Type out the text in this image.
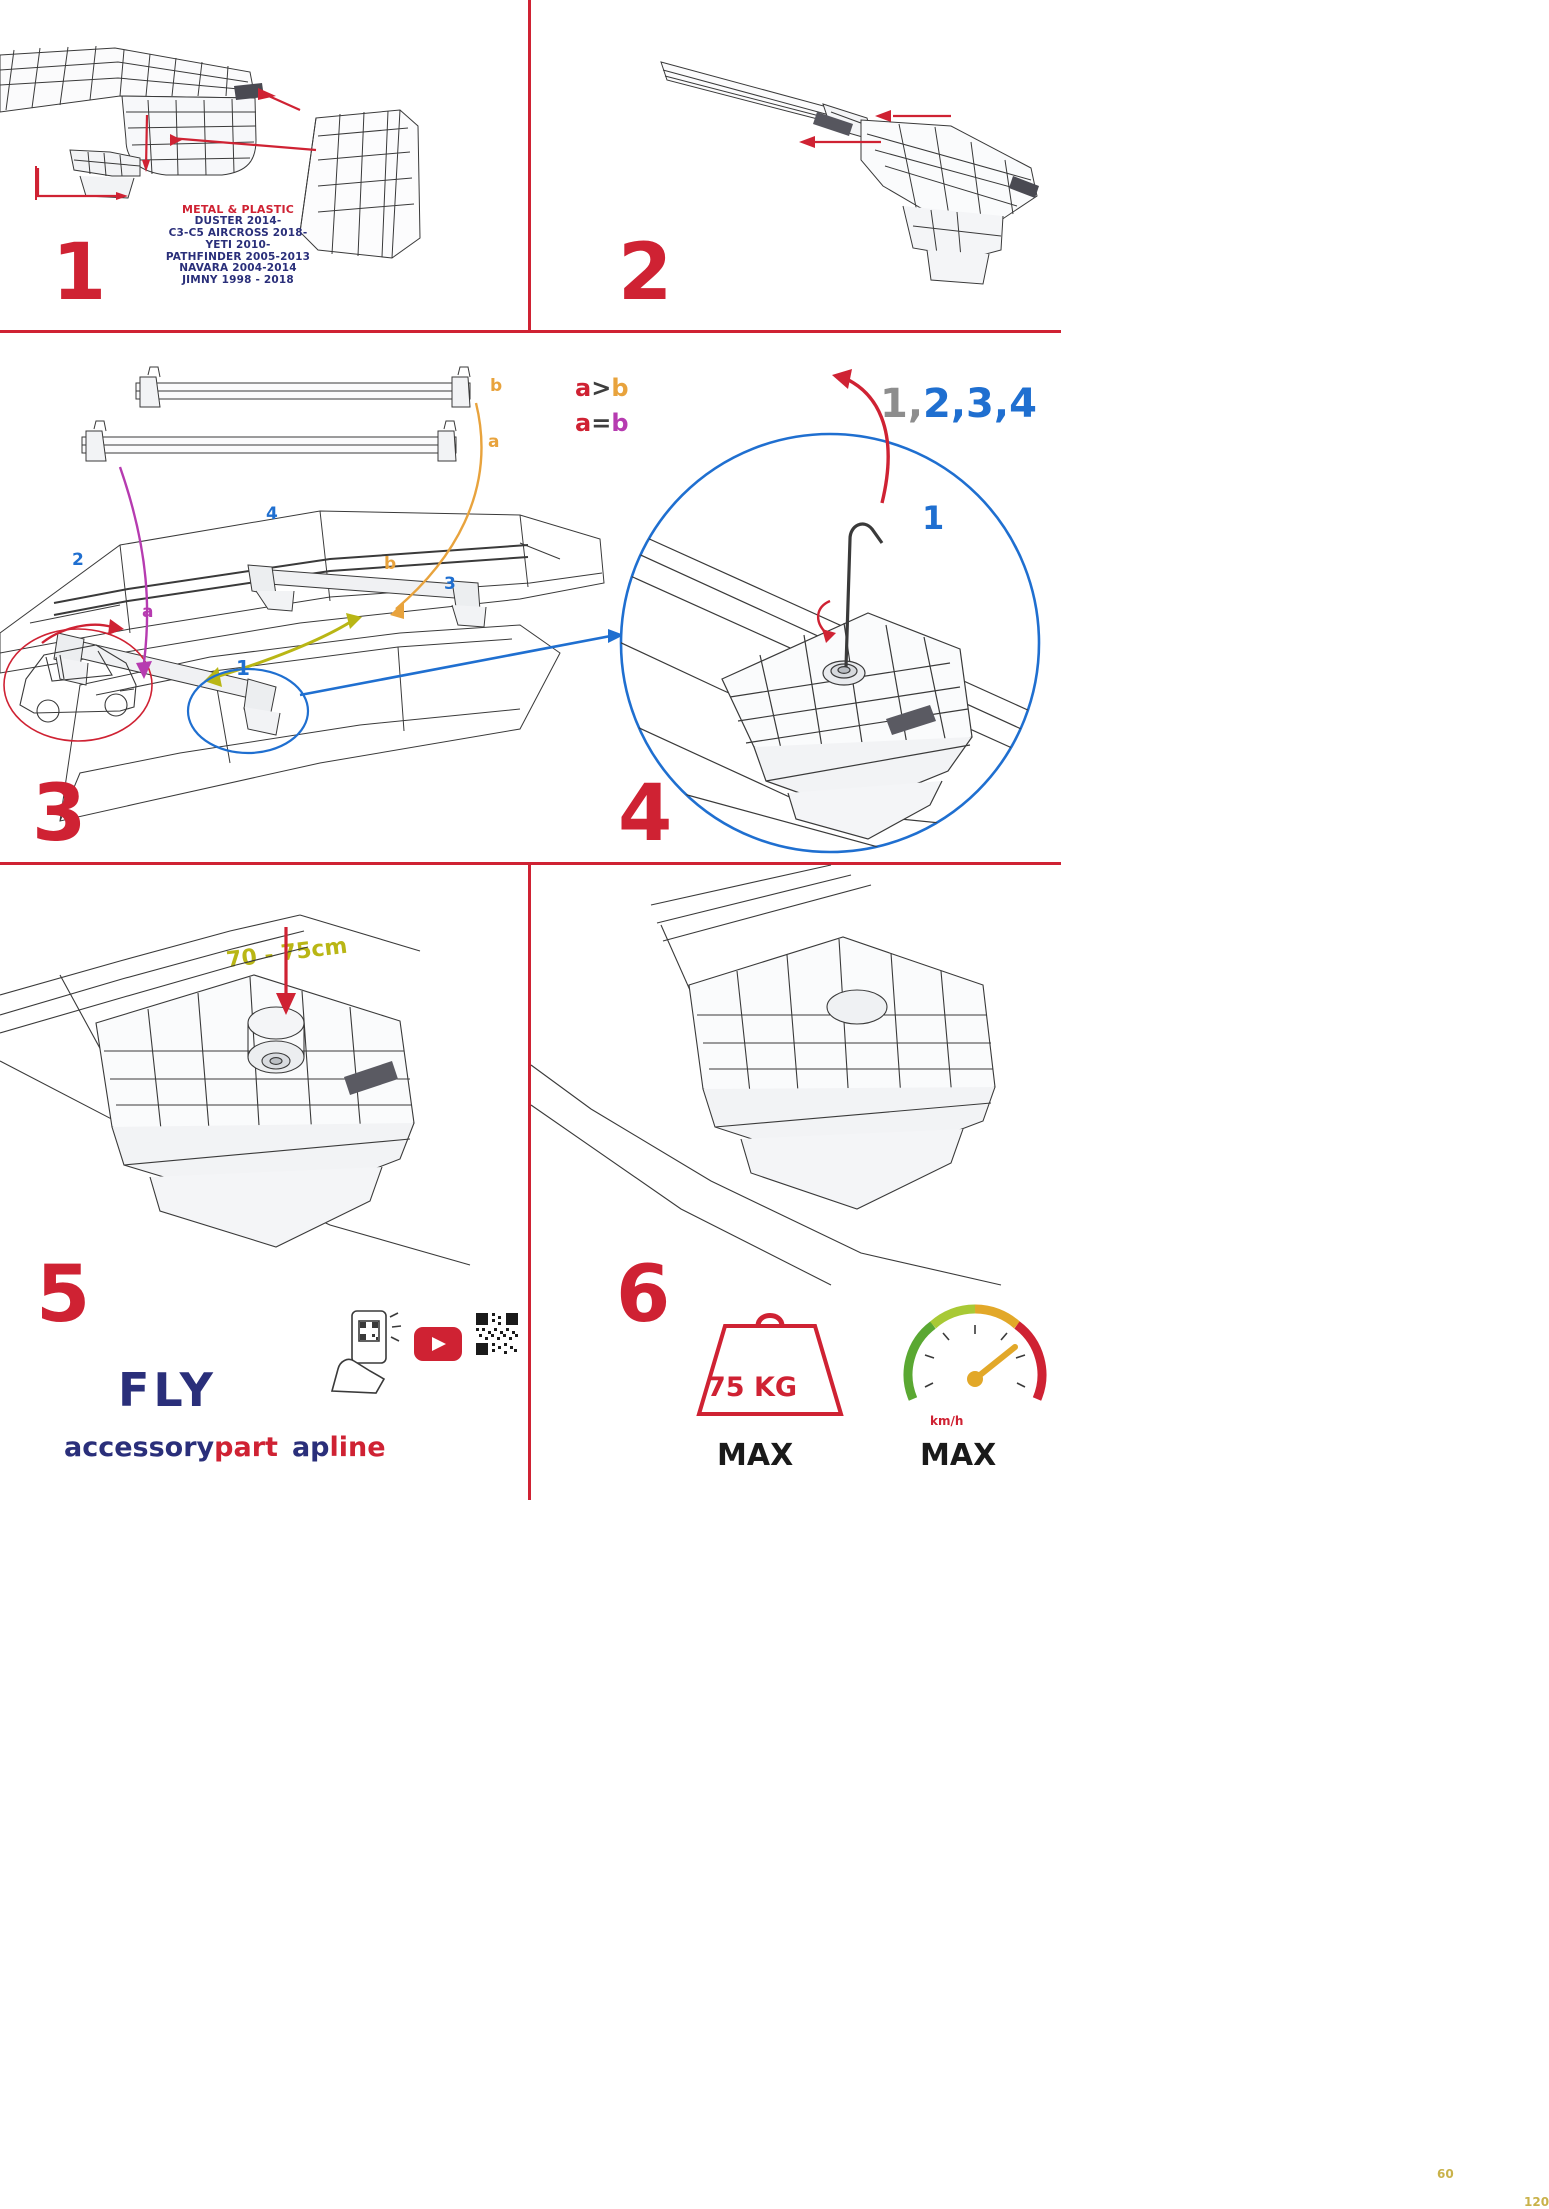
METAL & PLASTIC
DUSTER 2014-
C3-C5 AIRCROSS 2018-
YETI 2010-
PATHFINDER 2005-2013
NAVARA 2004-2014
JIMNY 1998 - 2018
1	2
b
a
a
b
2
4
3
1
70 - 75cm
a>b
a=b
3
1
1,2,3,4
4
FLY
accessorypart apline
5
60
120
75 KG
km/h
MAX	MAX
6
